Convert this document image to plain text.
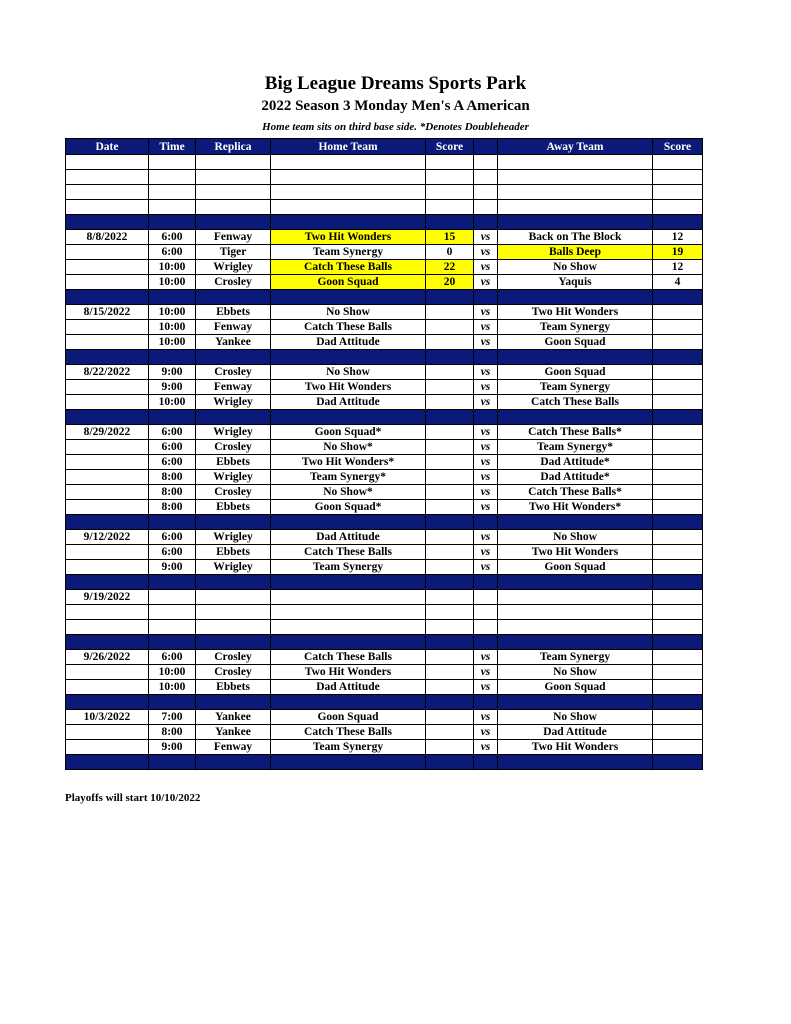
Big League Dreams Sports Park
2022 Season 3 Monday Men's A American
Home team sits on third base side. *Denotes Doubleheader
Date	Time	Replica	Home Team	Score		Away Team	Score

8/8/2022	6:00	Fenway	Two Hit Wonders	15	vs	Back on The Block	12
	6:00	Tiger	Team Synergy	0	vs	Balls Deep	19
	10:00	Wrigley	Catch These Balls	22	vs	No Show	12
	10:00	Crosley	Goon Squad	20	vs	Yaquis	4

8/15/2022	10:00	Ebbets	No Show		vs	Two Hit Wonders	
	10:00	Fenway	Catch These Balls		vs	Team Synergy	
	10:00	Yankee	Dad Attitude		vs	Goon Squad	

8/22/2022	9:00	Crosley	No Show		vs	Goon Squad	
	9:00	Fenway	Two Hit Wonders		vs	Team Synergy	
	10:00	Wrigley	Dad Attitude		vs	Catch These Balls	

8/29/2022	6:00	Wrigley	Goon Squad*		vs	Catch These Balls*	
	6:00	Crosley	No Show*		vs	Team Synergy*	
	6:00	Ebbets	Two Hit Wonders*		vs	Dad Attitude*	
	8:00	Wrigley	Team Synergy*		vs	Dad Attitude*	
	8:00	Crosley	No Show*		vs	Catch These Balls*	
	8:00	Ebbets	Goon Squad*		vs	Two Hit Wonders*	

9/12/2022	6:00	Wrigley	Dad Attitude		vs	No Show	
	6:00	Ebbets	Catch These Balls		vs	Two Hit Wonders	
	9:00	Wrigley	Team Synergy		vs	Goon Squad	

9/19/2022							

9/26/2022	6:00	Crosley	Catch These Balls		vs	Team Synergy	
	10:00	Crosley	Two Hit Wonders		vs	No Show	
	10:00	Ebbets	Dad Attitude		vs	Goon Squad	

10/3/2022	7:00	Yankee	Goon Squad		vs	No Show	
	8:00	Yankee	Catch These Balls		vs	Dad Attitude	
	9:00	Fenway	Team Synergy		vs	Two Hit Wonders	

Playoffs will start 10/10/2022
